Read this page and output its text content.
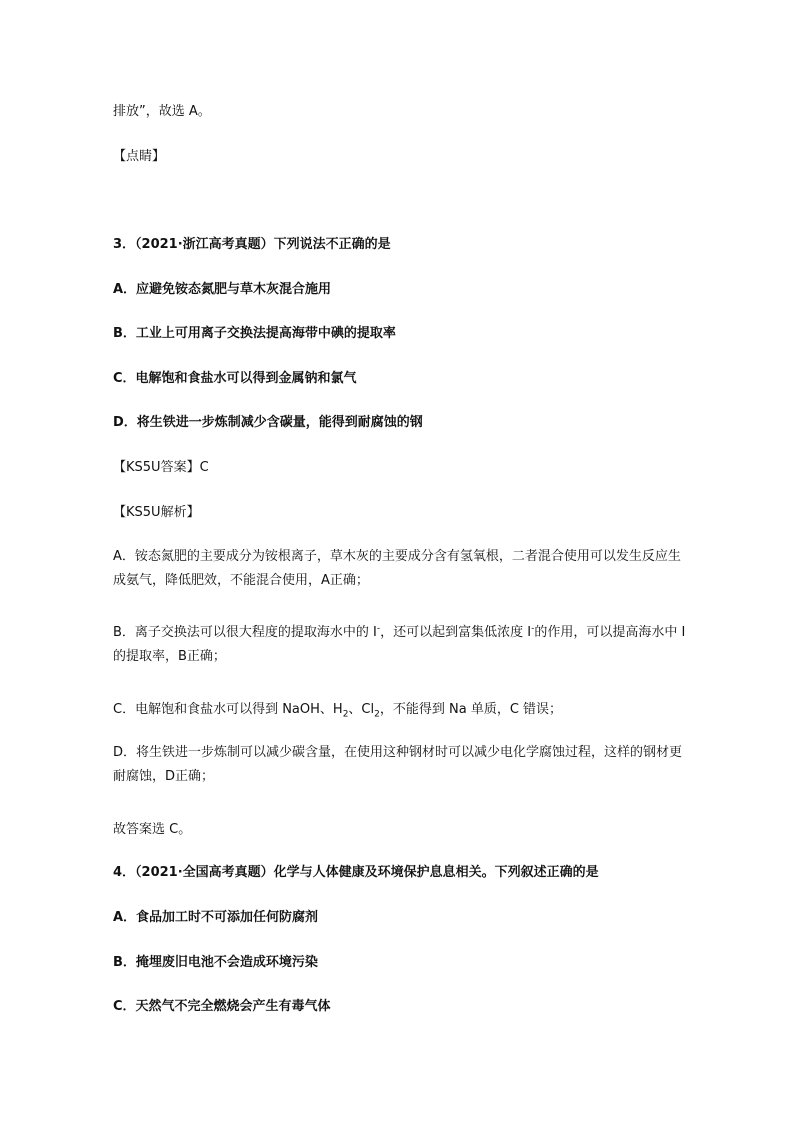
排放”，故选 A。
【点睛】
3．（2021·浙江高考真题）下列说法不正确的是
A．应避免铵态氮肥与草木灰混合施用
B．工业上可用离子交换法提高海带中碘的提取率
C．电解饱和食盐水可以得到金属钠和氯气
D．将生铁进一步炼制减少含碳量，能得到耐腐蚀的钢
【KS5U答案】C
【KS5U解析】
A．铵态氮肥的主要成分为铵根离子，草木灰的主要成分含有氢氧根，二者混合使用可以发生反应生成氨气，降低肥效，不能混合使用，A正确；
B．离子交换法可以很大程度的提取海水中的 I-，还可以起到富集低浓度 I-的作用，可以提高海水中 I 的提取率，B正确；
C．电解饱和食盐水可以得到 NaOH、$H_2$、$Cl_2$，不能得到 Na 单质，C 错误；
D．将生铁进一步炼制可以减少碳含量，在使用这种钢材时可以减少电化学腐蚀过程，这样的钢材更耐腐蚀，D正确；
故答案选 C。
4．（2021·全国高考真题）化学与人体健康及环境保护息息相关。下列叙述正确的是
A．食品加工时不可添加任何防腐剂
B．掩埋废旧电池不会造成环境污染
C．天然气不完全燃烧会产生有毒气体
